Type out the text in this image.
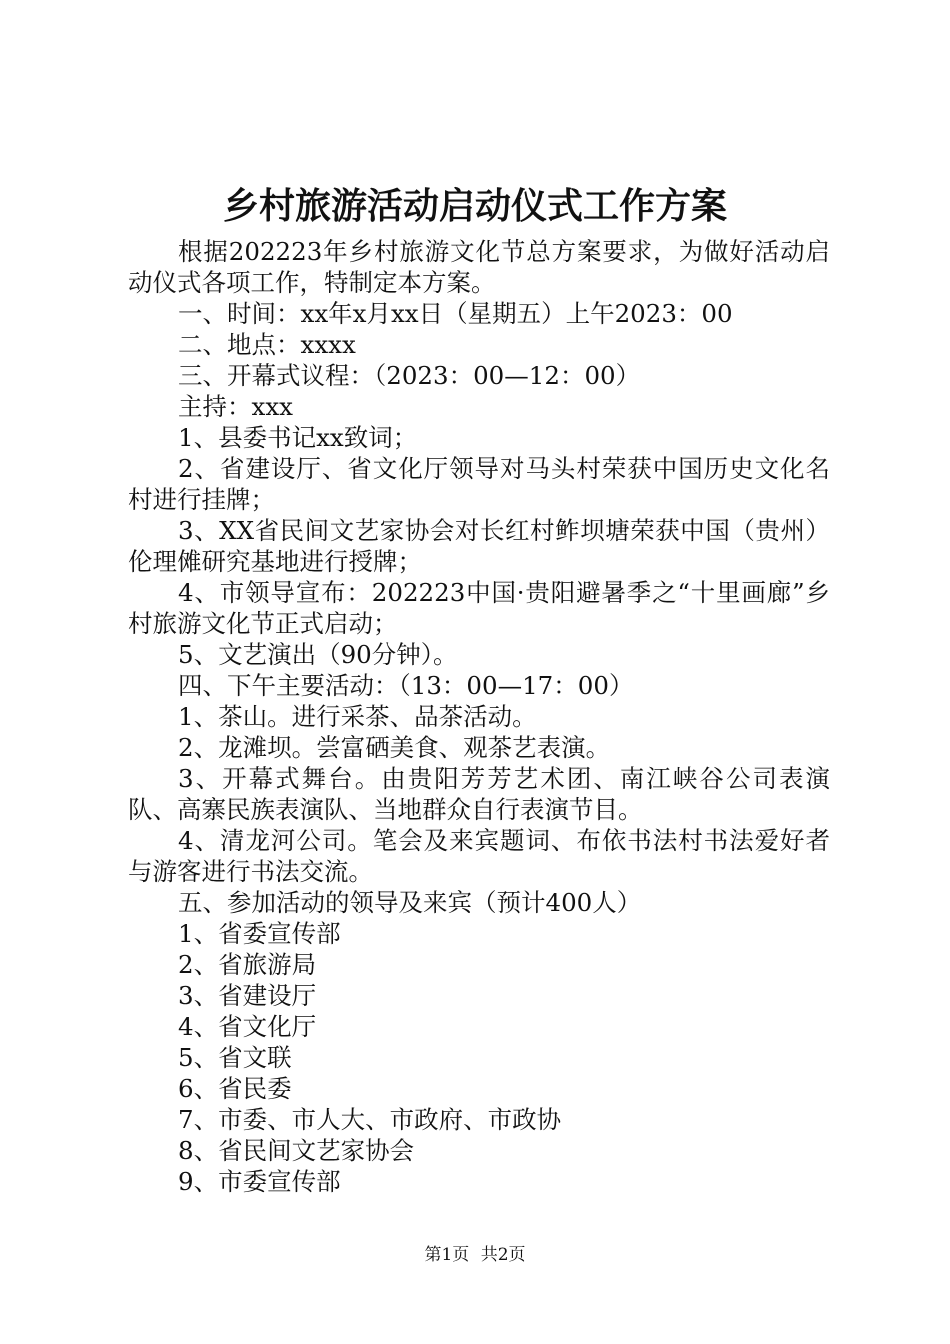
乡村旅游活动启动仪式工作方案

根据202223年乡村旅游文化节总方案要求，为做好活动启动仪式各项工作，特制定本方案。

一、时间：xx年x月xx日（星期五）上午2023：00

二、地点：xxxx

三、开幕式议程：（2023：00—12：00）

主持：xxx

1、县委书记xx致词；

2、省建设厅、省文化厅领导对马头村荣获中国历史文化名村进行挂牌；

3、XX省民间文艺家协会对长红村鲊坝塘荣获中国（贵州）伦理傩研究基地进行授牌；

4、市领导宣布：202223中国·贵阳避暑季之“十里画廊”乡村旅游文化节正式启动；

5、文艺演出（90分钟）。

四、下午主要活动：（13：00—17：00）

1、茶山。进行采茶、品茶活动。

2、龙滩坝。尝富硒美食、观茶艺表演。

3、开幕式舞台。由贵阳芳芳艺术团、南江峡谷公司表演队、高寨民族表演队、当地群众自行表演节目。

4、清龙河公司。笔会及来宾题词、布依书法村书法爱好者与游客进行书法交流。

五、参加活动的领导及来宾（预计400人）

1、省委宣传部

2、省旅游局

3、省建设厅

4、省文化厅

5、省文联

6、省民委

7、市委、市人大、市政府、市政协

8、省民间文艺家协会

9、市委宣传部

第1页 共2页
